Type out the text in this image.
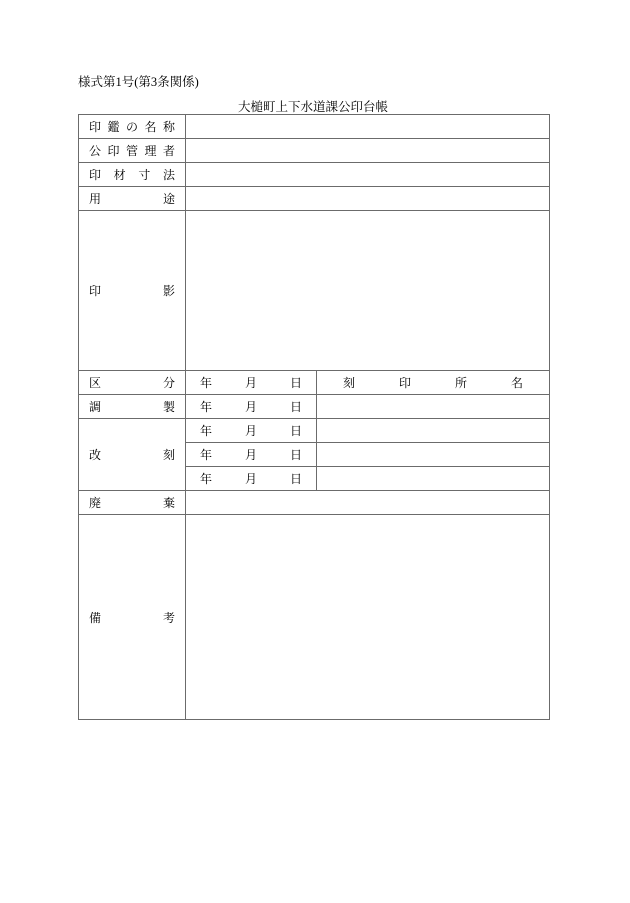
様式第1号(第3条関係)
大槌町上下水道課公印台帳
印鑑の名称		
公印管理者		
印材寸法		
用途		
印影		
区分	年月日	刻印所名
調製	年月日	
改刻	年月日	
	年月日	
	年月日	
廃棄		
備考		
